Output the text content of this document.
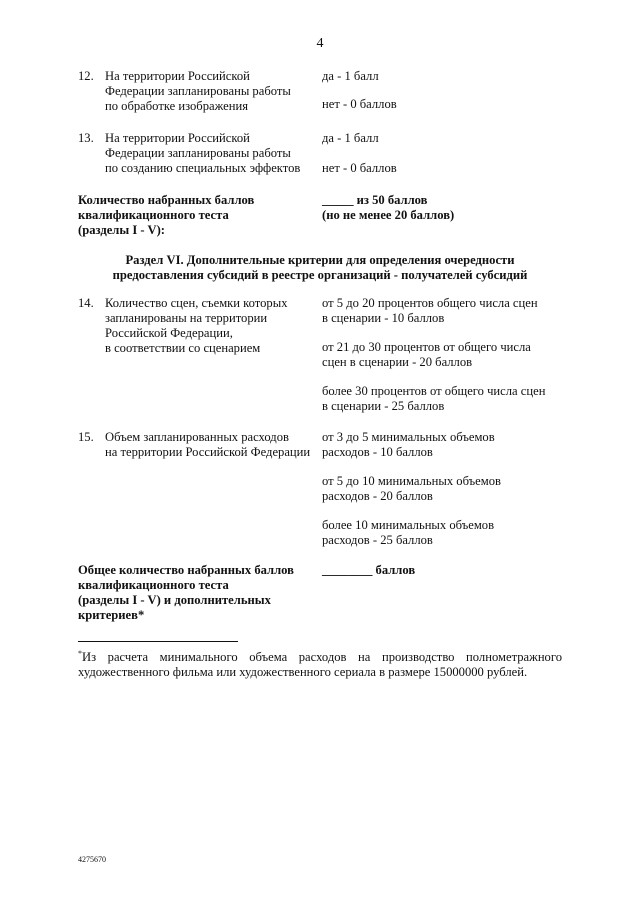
4
12. На территории Российской
Федерации запланированы работы
по обработке изображения
да - 1 балл
нет - 0 баллов
13. На территории Российской
Федерации запланированы работы
по созданию специальных эффектов
да - 1 балл
нет - 0 баллов
Количество набранных баллов
квалификационного теста
(разделы I - V):
_____ из 50 баллов
(но не менее 20 баллов)
Раздел VI. Дополнительные критерии для определения очередности
предоставления субсидий в реестре организаций - получателей субсидий
14. Количество сцен, съемки которых
запланированы на территории
Российской Федерации,
в соответствии со сценарием
от 5 до 20 процентов общего числа сцен
в сценарии - 10 баллов
от 21 до 30 процентов от общего числа
сцен в сценарии - 20 баллов
более 30 процентов от общего числа сцен
в сценарии - 25 баллов
15. Объем запланированных расходов
на территории Российской Федерации
от 3 до 5 минимальных объемов
расходов - 10 баллов
от 5 до 10 минимальных объемов
расходов - 20 баллов
более 10 минимальных объемов
расходов - 25 баллов
Общее количество набранных баллов
квалификационного теста
(разделы I - V) и дополнительных
критериев*
________ баллов
*Из расчета минимального объема расходов на производство полнометражного художественного фильма или художественного сериала в размере 15000000 рублей.
4275670
